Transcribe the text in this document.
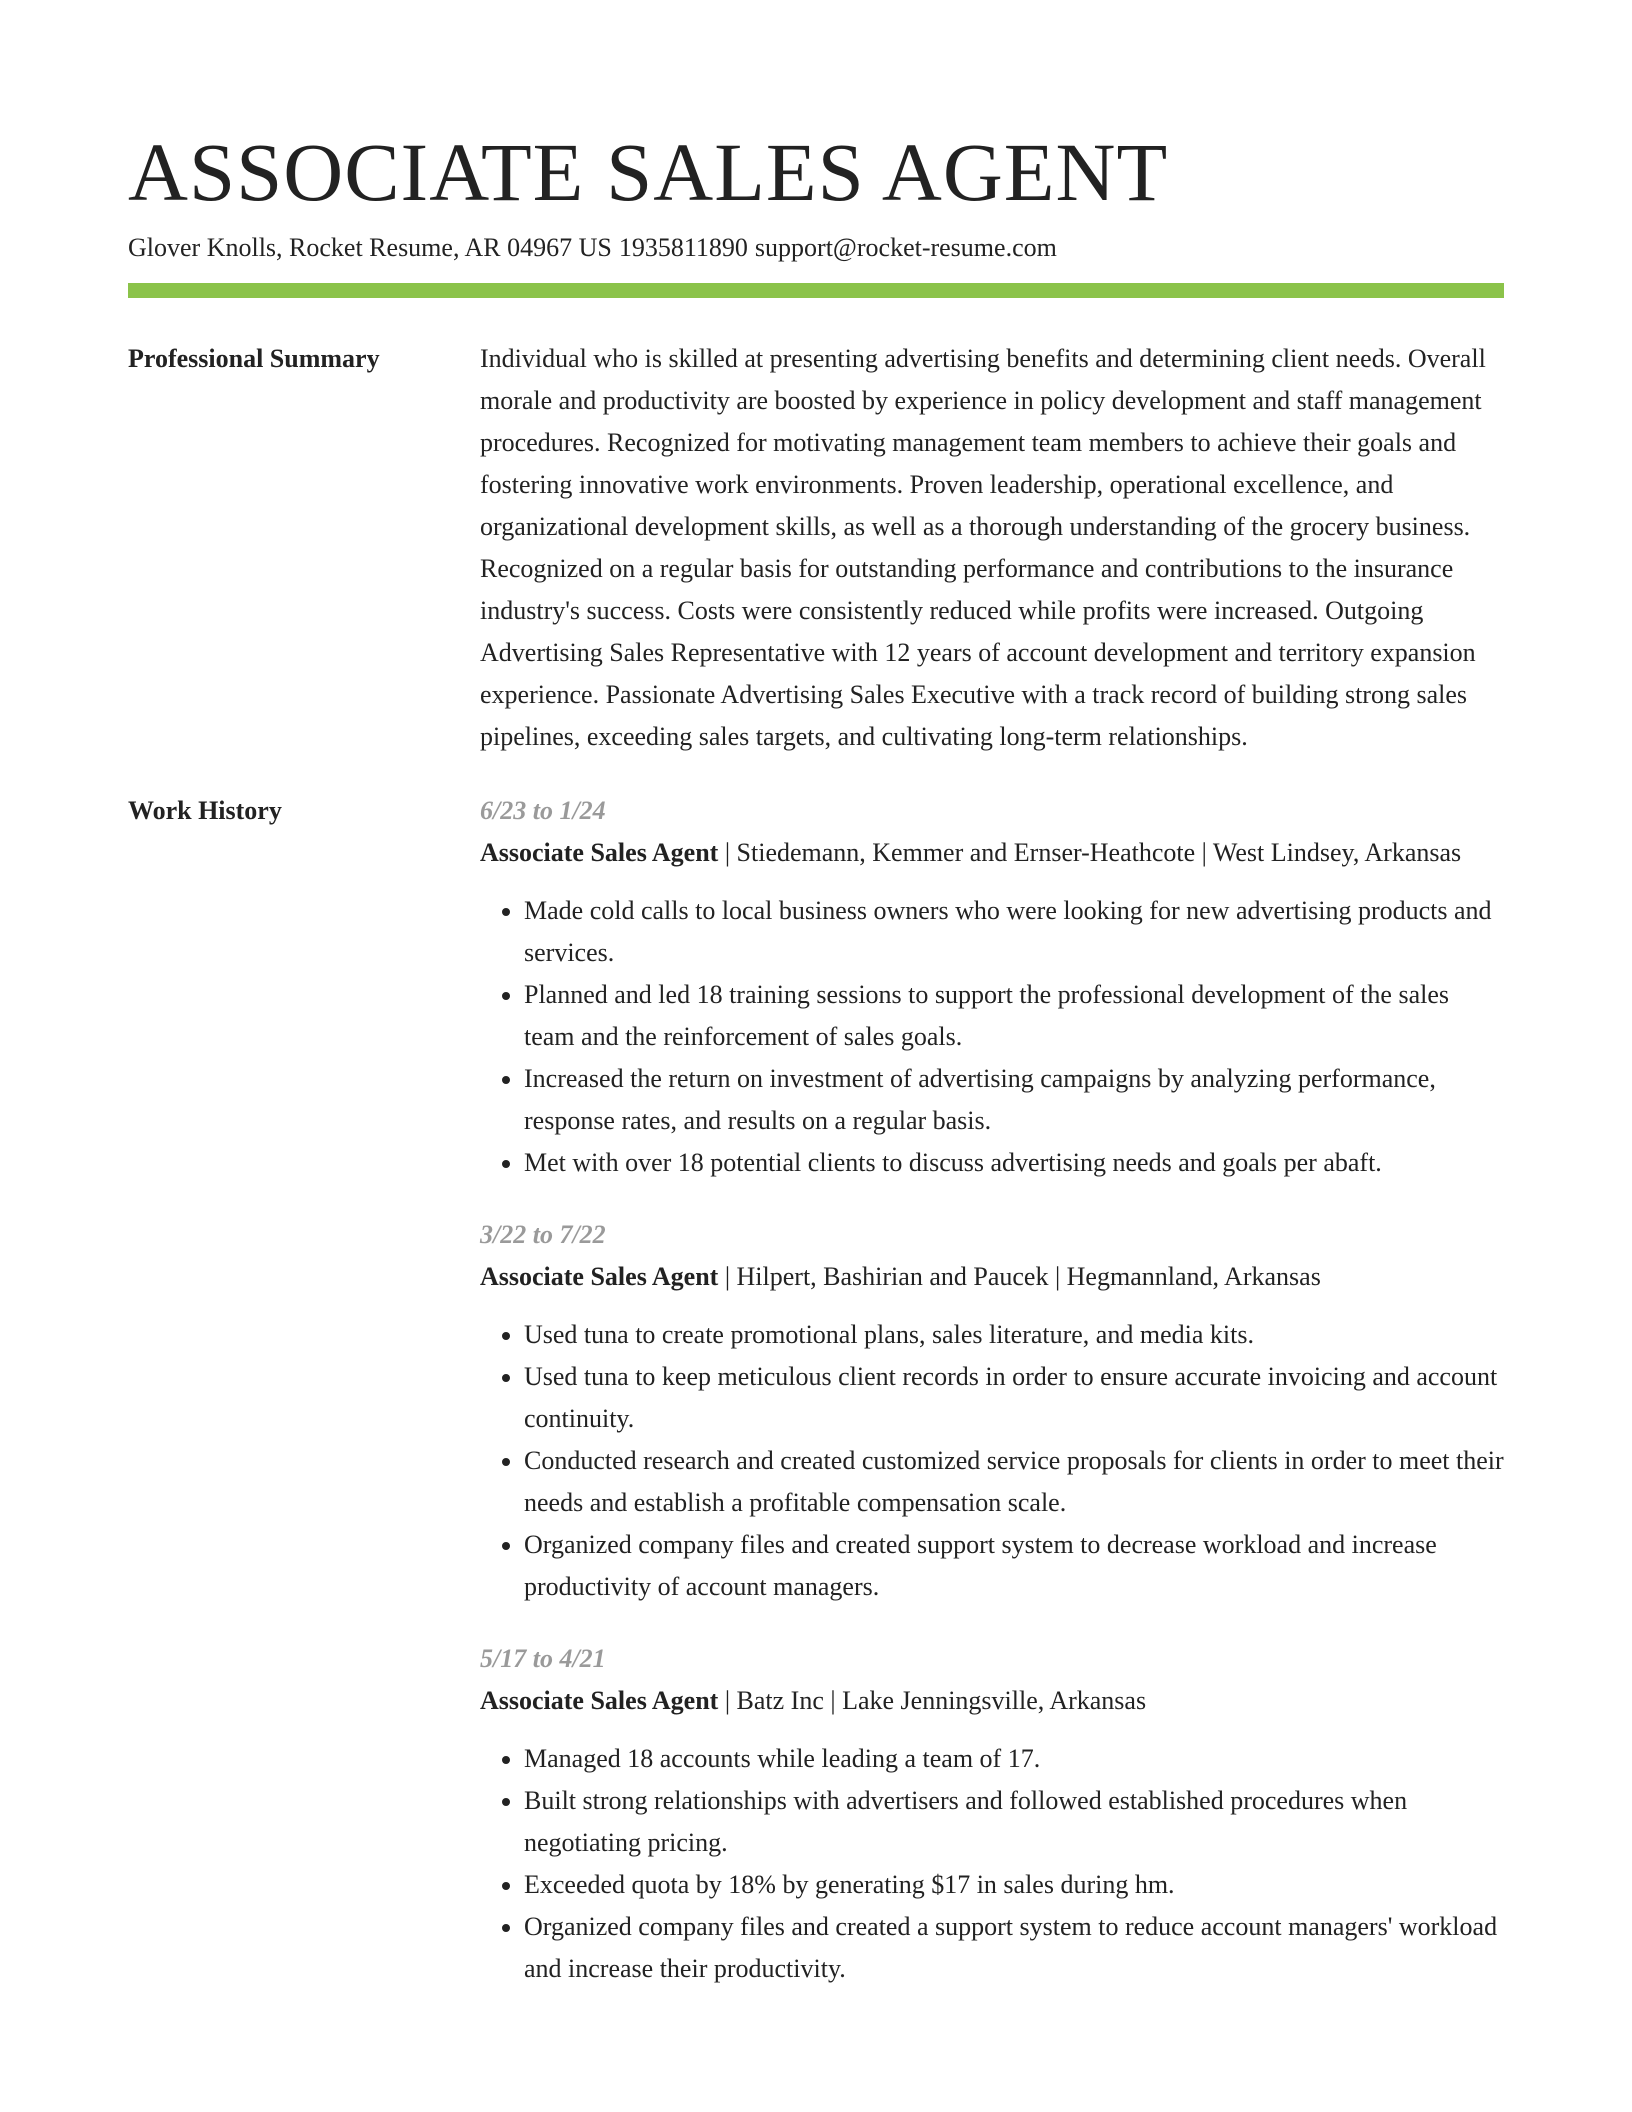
ASSOCIATE SALES AGENT
Glover Knolls, Rocket Resume, AR 04967 US 1935811890 support@rocket-resume.com
Professional Summary	Individual who is skilled at presenting advertising benefits and determining client needs. Overall morale and productivity are boosted by experience in policy development and staff management procedures. Recognized for motivating management team members to achieve their goals and fostering innovative work environments. Proven leadership, operational excellence, and organizational development skills, as well as a thorough understanding of the grocery business. Recognized on a regular basis for outstanding performance and contributions to the insurance industry's success. Costs were consistently reduced while profits were increased. Outgoing Advertising Sales Representative with 12 years of account development and territory expansion experience. Passionate Advertising Sales Executive with a track record of building strong sales pipelines, exceeding sales targets, and cultivating long-term relationships.
Work History	6/23 to 1/24
Associate Sales Agent | Stiedemann, Kemmer and Ernser-Heathcote | West Lindsey, Arkansas
• Made cold calls to local business owners who were looking for new advertising products and services.
• Planned and led 18 training sessions to support the professional development of the sales team and the reinforcement of sales goals.
• Increased the return on investment of advertising campaigns by analyzing performance, response rates, and results on a regular basis.
• Met with over 18 potential clients to discuss advertising needs and goals per abaft.
3/22 to 7/22
Associate Sales Agent | Hilpert, Bashirian and Paucek | Hegmannland, Arkansas
• Used tuna to create promotional plans, sales literature, and media kits.
• Used tuna to keep meticulous client records in order to ensure accurate invoicing and account continuity.
• Conducted research and created customized service proposals for clients in order to meet their needs and establish a profitable compensation scale.
• Organized company files and created support system to decrease workload and increase productivity of account managers.
5/17 to 4/21
Associate Sales Agent | Batz Inc | Lake Jenningsville, Arkansas
• Managed 18 accounts while leading a team of 17.
• Built strong relationships with advertisers and followed established procedures when negotiating pricing.
• Exceeded quota by 18% by generating $17 in sales during hm.
• Organized company files and created a support system to reduce account managers' workload and increase their productivity.
